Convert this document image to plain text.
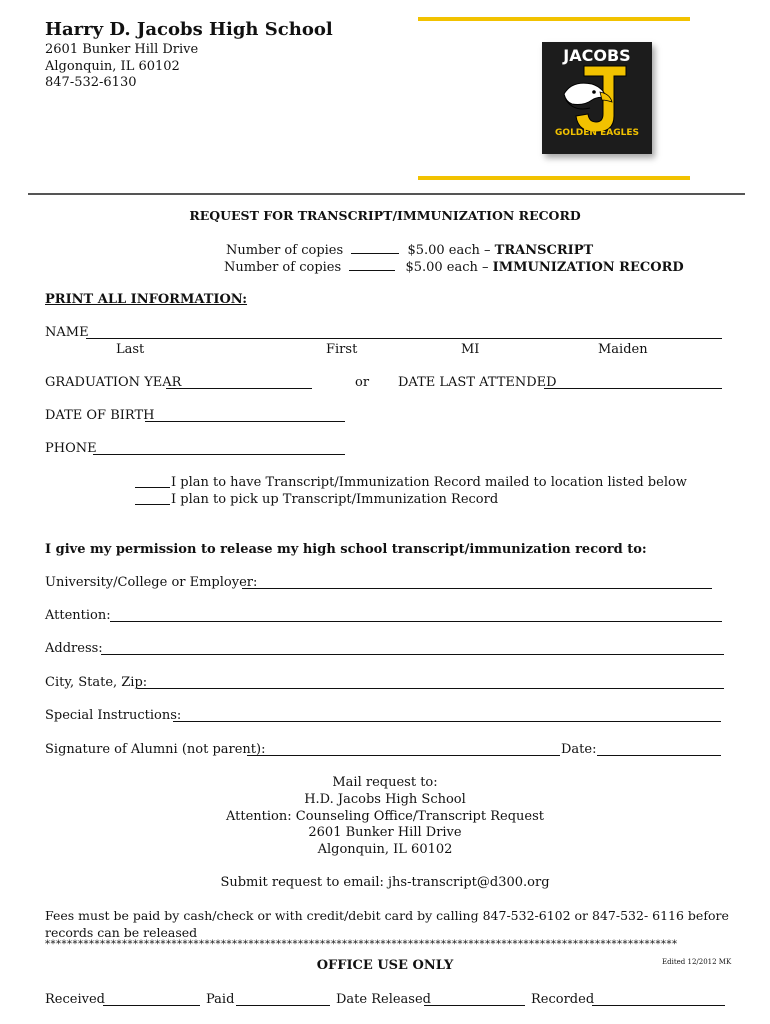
Harry D. Jacobs High School
2601 Bunker Hill Drive
Algonquin, IL 60102
847-532-6130
JACOBS
GOLDEN EAGLES
REQUEST FOR TRANSCRIPT/IMMUNIZATION RECORD
Number of copies	$5.00 each – TRANSCRIPT
Number of copies	$5.00 each – IMMUNIZATION RECORD
PRINT ALL INFORMATION:
NAME
Last	First	MI	Maiden
GRADUATION YEAR	or DATE LAST ATTENDED
DATE OF BIRTH
PHONE
I plan to have Transcript/Immunization Record mailed to location listed below
I plan to pick up Transcript/Immunization Record
I give my permission to release my high school transcript/immunization record to:
University/College or Employer:
Attention:
Address:
City, State, Zip:
Special Instructions:
Signature of Alumni (not parent):	Date:
Mail request to:
H.D. Jacobs High School
Attention: Counseling Office/Transcript Request
2601 Bunker Hill Drive
Algonquin, IL 60102
Submit request to email: jhs-transcript@d300.org
Fees must be paid by cash/check or with credit/debit card by calling 847-532-6102 or 847-532- 6116 before
records can be released
*******************************************************************************************************************
OFFICE USE ONLY	Edited 12/2012 MK
Received	Paid	Date Released	Recorded
